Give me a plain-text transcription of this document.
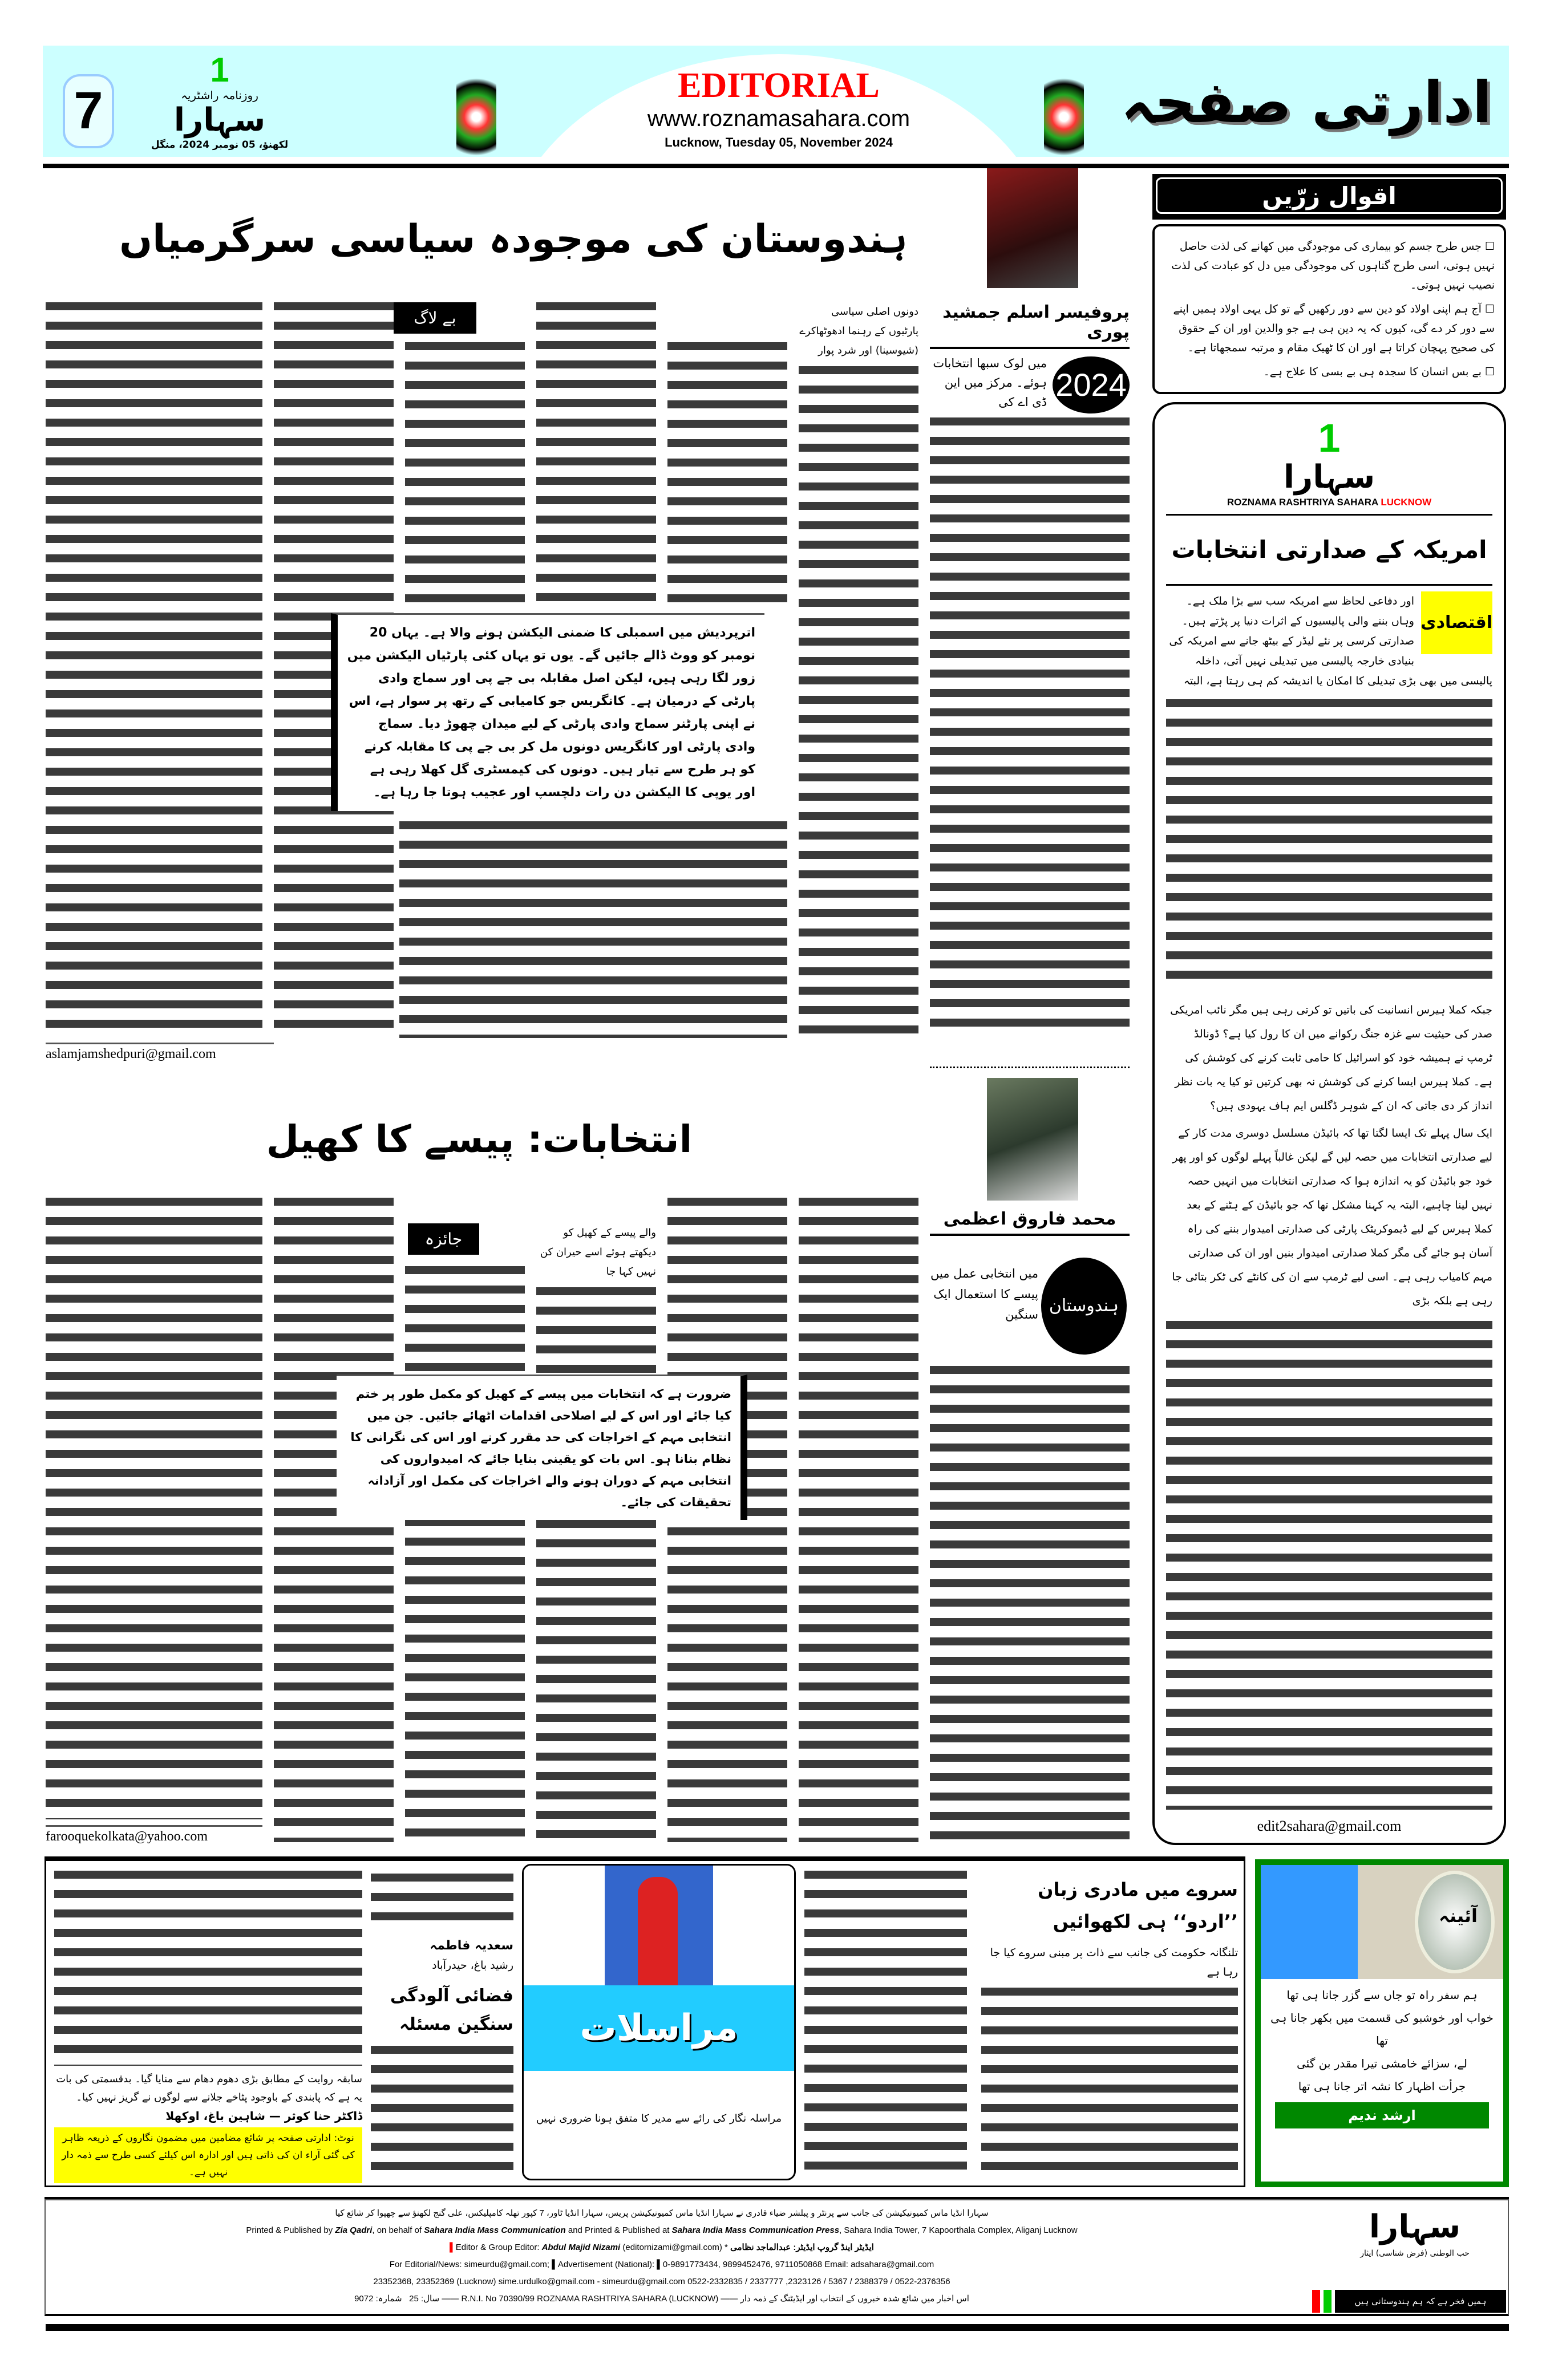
7
1
روزنامہ راشٹریہ
سہارا
لکھنؤ، 05 نومبر 2024، منگل
EDITORIAL
www.roznamasahara.com
Lucknow, Tuesday 05, November 2024
ادارتی صفحہ
ہندوستان کی موجودہ سیاسی سرگرمیاں
پروفیسر اسلم جمشید پوری
2024
میں لوک سبھا انتخابات ہوئے۔ مرکز میں این ڈی اے کی
بے لاگ	دونوں اصلی سیاسی پارٹیوں کے رہنما ادھوٹھاکرے (شیوسینا) اور شرد پوار
اترپردیش میں اسمبلی کا ضمنی الیکشن ہونے والا ہے۔ یہاں 20 نومبر کو ووٹ ڈالے جائیں گے۔ یوں تو یہاں کئی پارٹیاں الیکشن میں زور لگا رہی ہیں، لیکن اصل مقابلہ بی جے پی اور سماج وادی پارٹی کے درمیان ہے۔ کانگریس جو کامیابی کے رتھ پر سوار ہے، اس نے اپنی پارٹنر سماج وادی پارٹی کے لیے میدان چھوڑ دیا۔ سماج وادی پارٹی اور کانگریس دونوں مل کر بی جے پی کا مقابلہ کرنے کو ہر طرح سے تیار ہیں۔ دونوں کی کیمسٹری گل کھلا رہی ہے اور یوپی کا الیکشن دن رات دلچسپ اور عجیب ہوتا جا رہا ہے۔
aslamjamshedpuri@gmail.com
محمد فاروق اعظمی
انتخابات: پیسے کا کھیل
ہندوستان
میں انتخابی عمل میں پیسے کا استعمال ایک سنگین
جائزہ	والے پیسے کے کھیل کو دیکھتے ہوئے اسے حیران کن نہیں کہا جا
ضرورت ہے کہ انتخابات میں پیسے کے کھیل کو مکمل طور پر ختم کیا جائے اور اس کے لیے اصلاحی اقدامات اٹھائے جائیں۔ جن میں انتخابی مہم کے اخراجات کی حد مقرر کرنے اور اس کی نگرانی کا نظام بنانا ہو۔ اس بات کو یقینی بنایا جائے کہ امیدواروں کی انتخابی مہم کے دوران ہونے والے اخراجات کی مکمل اور آزادانہ تحقیقات کی جائے۔
farooquekolkata@yahoo.com
اقوال زرّیں
☐ جس طرح جسم کو بیماری کی موجودگی میں کھانے کی لذت حاصل نہیں ہوتی، اسی طرح گناہوں کی موجودگی میں دل کو عبادت کی لذت نصیب نہیں ہوتی۔
☐ آج ہم اپنی اولاد کو دین سے دور رکھیں گے تو کل یہی اولاد ہمیں اپنے سے دور کر دے گی، کیوں کہ یہ دین ہی ہے جو والدین اور ان کے حقوق کی صحیح پہچان کراتا ہے اور ان کا ٹھیک مقام و مرتبہ سمجھاتا ہے۔
☐ بے بس انسان کا سجدہ ہی بے بسی کا علاج ہے۔
1
سہارا
ROZNAMA RASHTRIYA SAHARA LUCKNOW
امریکہ کے صدارتی انتخابات
اقتصادی
اور دفاعی لحاظ سے امریکہ سب سے بڑا ملک ہے۔ وہاں بننے والی پالیسیوں کے اثرات دنیا پر پڑتے ہیں۔ صدارتی کرسی پر نئے لیڈر کے بیٹھ جانے سے امریکہ کی بنیادی خارجہ پالیسی میں تبدیلی نہیں آتی، داخلہ پالیسی میں بھی بڑی تبدیلی کا امکان یا اندیشہ کم ہی رہتا ہے، البتہ
جبکہ کملا ہیرس انسانیت کی باتیں تو کرتی رہی ہیں مگر نائب امریکی صدر کی حیثیت سے غزہ جنگ رکوانے میں ان کا رول کیا ہے؟ ڈونالڈ ٹرمپ نے ہمیشہ خود کو اسرائیل کا حامی ثابت کرنے کی کوشش کی ہے۔ کملا ہیرس ایسا کرنے کی کوشش نہ بھی کرتیں تو کیا یہ بات نظر انداز کر دی جاتی کہ ان کے شوہر ڈگلس ایم ہاف یہودی ہیں؟
ایک سال پہلے تک ایسا لگتا تھا کہ بائیڈن مسلسل دوسری مدت کار کے لیے صدارتی انتخابات میں حصہ لیں گے لیکن غالباً پہلے لوگوں کو اور پھر خود جو بائیڈن کو یہ اندازہ ہوا کہ صدارتی انتخابات میں انہیں حصہ نہیں لینا چاہیے، البتہ یہ کہنا مشکل تھا کہ جو بائیڈن کے ہٹنے کے بعد کملا ہیرس کے لیے ڈیموکریٹک پارٹی کی صدارتی امیدوار بننے کی راہ آسان ہو جائے گی مگر کملا صدارتی امیدوار بنیں اور ان کی صدارتی مہم کامیاب رہی ہے۔ اسی لیے ٹرمپ سے ان کی کانٹے کی ٹکر بتائی جا رہی ہے بلکہ بڑی
edit2sahara@gmail.com
سروے میں مادری زبان ’’اردو‘‘ ہی لکھوائیں
تلنگانہ حکومت کی جانب سے ذات پر مبنی سروے کیا جا رہا ہے
مراسلات
مراسلہ نگار کی رائے سے مدیر کا متفق ہونا ضروری نہیں
سعدیہ فاطمہ
رشید باغ، حیدرآباد
فضائی آلودگی سنگین مسئلہ
سابقہ روایت کے مطابق بڑی دھوم دھام سے منایا گیا۔ بدقسمتی کی بات یہ ہے کہ پابندی کے باوجود پٹاخے جلانے سے لوگوں نے گریز نہیں کیا۔
ڈاکٹر حنا کوثر — شاہین باغ، اوکھلا
نوٹ: ادارتی صفحہ پر شائع مضامین میں مضمون نگاروں کے ذریعہ ظاہر کی گئی آراء ان کی ذاتی ہیں اور ادارہ اس کیلئے کسی طرح سے ذمہ دار نہیں ہے۔
آئینہ
ہم سفر راہ تو جاں سے گزر جانا ہی تھا
خواب اور خوشبو کی قسمت میں بکھر جانا ہی تھا
لے، سزائے خامشی تیرا مقدر بن گئی
جرأت اظہار کا نشہ اتر جانا ہی تھا
ارشد ندیم
سہارا انڈیا ماس کمیونیکیشن کی جانب سے پرنٹر و پبلشر ضیاء قادری نے سہارا انڈیا ماس کمیونیکیشن پریس، سہارا انڈیا ٹاور، 7 کپور تھلہ کامپلیکس، علی گنج لکھنؤ سے چھپوا کر شائع کیا
Printed & Published by Zia Qadri, on behalf of Sahara India Mass Communication and Printed & Published at Sahara India Mass Communication Press, Sahara India Tower, 7 Kapoorthala Complex, Aliganj Lucknow
▌Editor & Group Editor: Abdul Majid Nizami (editornizami@gmail.com) * ایڈیٹر اینڈ گروپ ایڈیٹر: عبدالماجد نظامی
For Editorial/News: simeurdu@gmail.com; ▌Advertisement (National): ▌0-9891773434, 9899452476, 9711050868 Email: adsahara@gmail.com
23352368, 23352369 ‏(Lucknow) sime.urdulko@gmail.com - simeurdu@gmail.com ‏0522-2376356 / 2388379 / 5367 / 2323126, 2337777 / 0522-2332835
سال: 25   شمارہ: 9072	—— R.N.I. No 70390/99 ROZNAMA RASHTRIYA SAHARA (LUCKNOW) —— اس اخبار میں شائع شدہ خبروں کے انتخاب اور ایڈیٹنگ کے ذمہ دار
سہارا
حب الوطنی (فرض شناسی) ایثار
ہمیں فخر ہے کہ ہم ہندوستانی ہیں
